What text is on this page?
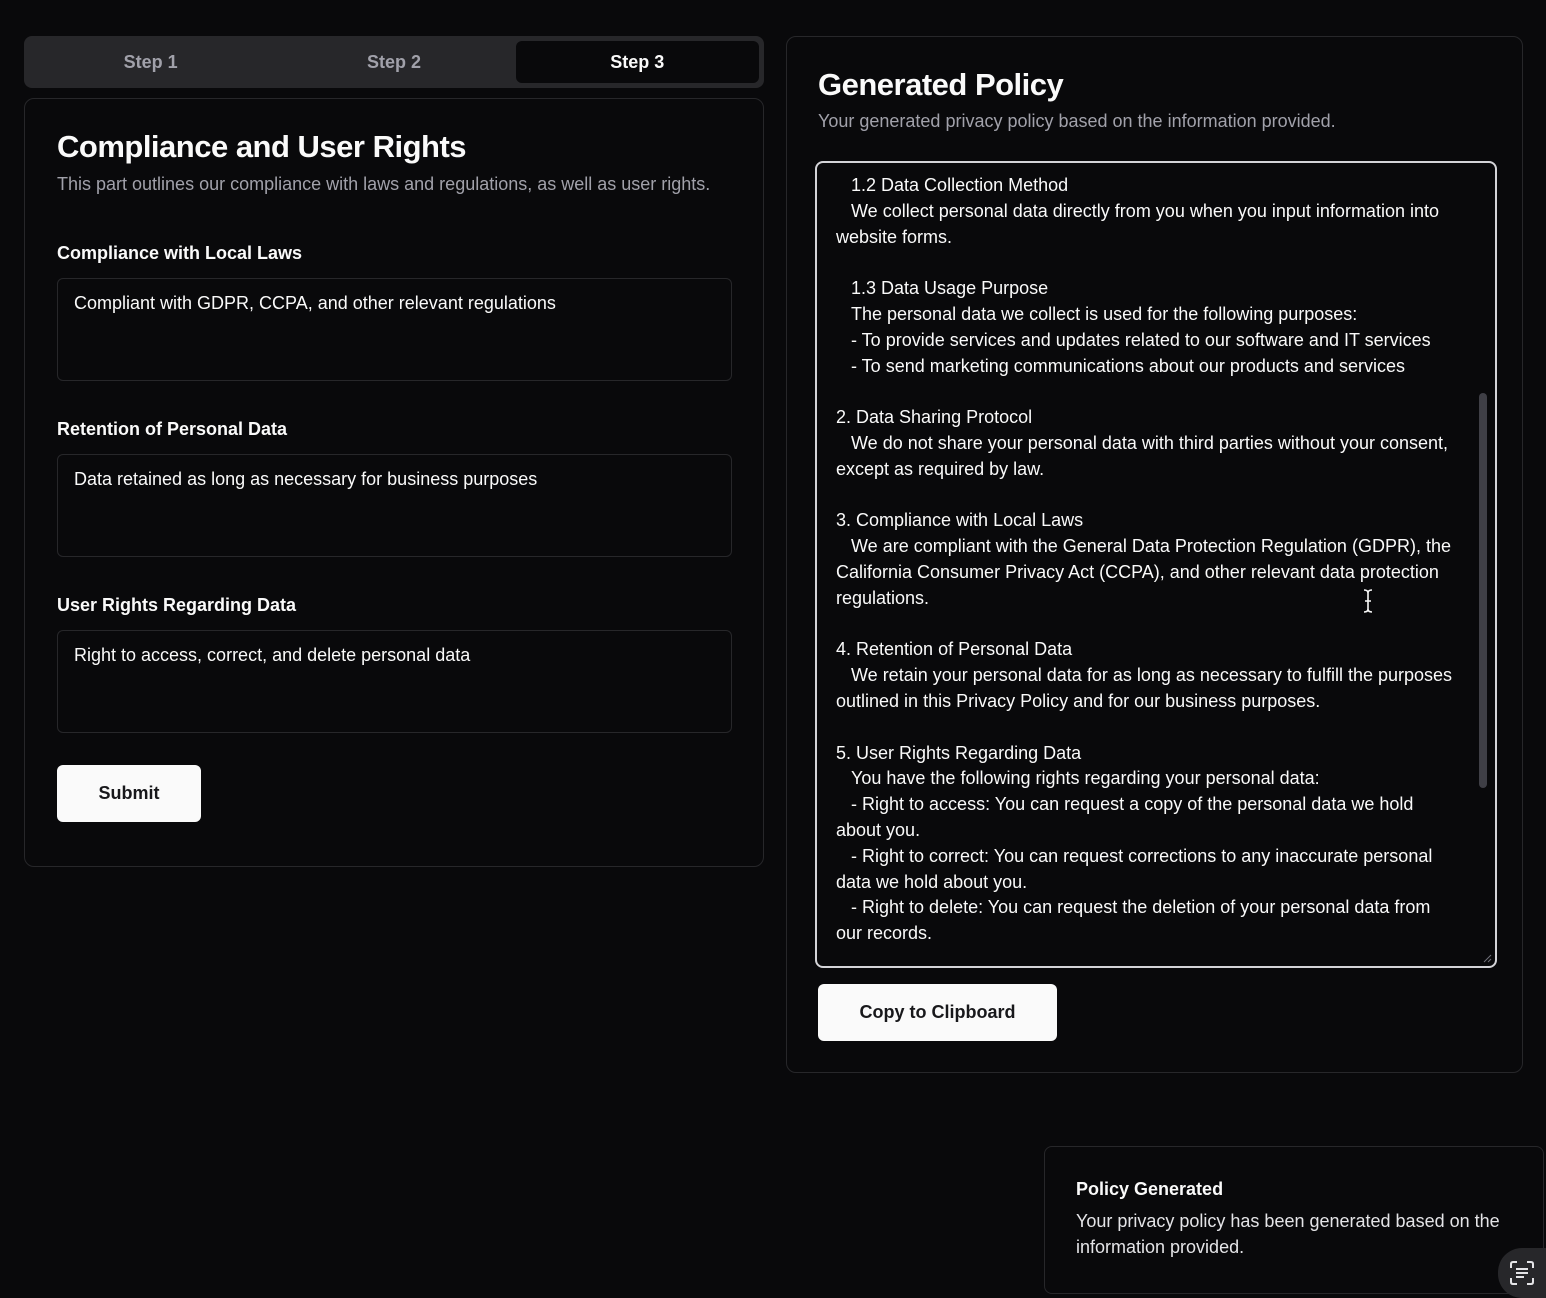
Step 1	Step 2	Step 3
Compliance and User Rights
This part outlines our compliance with laws and regulations, as well as user rights.
Compliance with Local Laws
Compliant with GDPR, CCPA, and other relevant regulations
Retention of Personal Data
Data retained as long as necessary for business purposes
User Rights Regarding Data
Right to access, correct, and delete personal data
Submit
Generated Policy
Your generated privacy policy based on the information provided.
1.2 Data Collection Method
We collect personal data directly from you when you input information into website forms.

1.3 Data Usage Purpose
The personal data we collect is used for the following purposes:
- To provide services and updates related to our software and IT services
- To send marketing communications about our products and services

2. Data Sharing Protocol
We do not share your personal data with third parties without your consent, except as required by law.

3. Compliance with Local Laws
We are compliant with the General Data Protection Regulation (GDPR), the California Consumer Privacy Act (CCPA), and other relevant data protection regulations.

4. Retention of Personal Data
We retain your personal data for as long as necessary to fulfill the purposes outlined in this Privacy Policy and for our business purposes.

5. User Rights Regarding Data
You have the following rights regarding your personal data:
- Right to access: You can request a copy of the personal data we hold about you.
- Right to correct: You can request corrections to any inaccurate personal data we hold about you.
- Right to delete: You can request the deletion of your personal data from our records.
Copy to Clipboard
Policy Generated
Your privacy policy has been generated based on the information provided.
